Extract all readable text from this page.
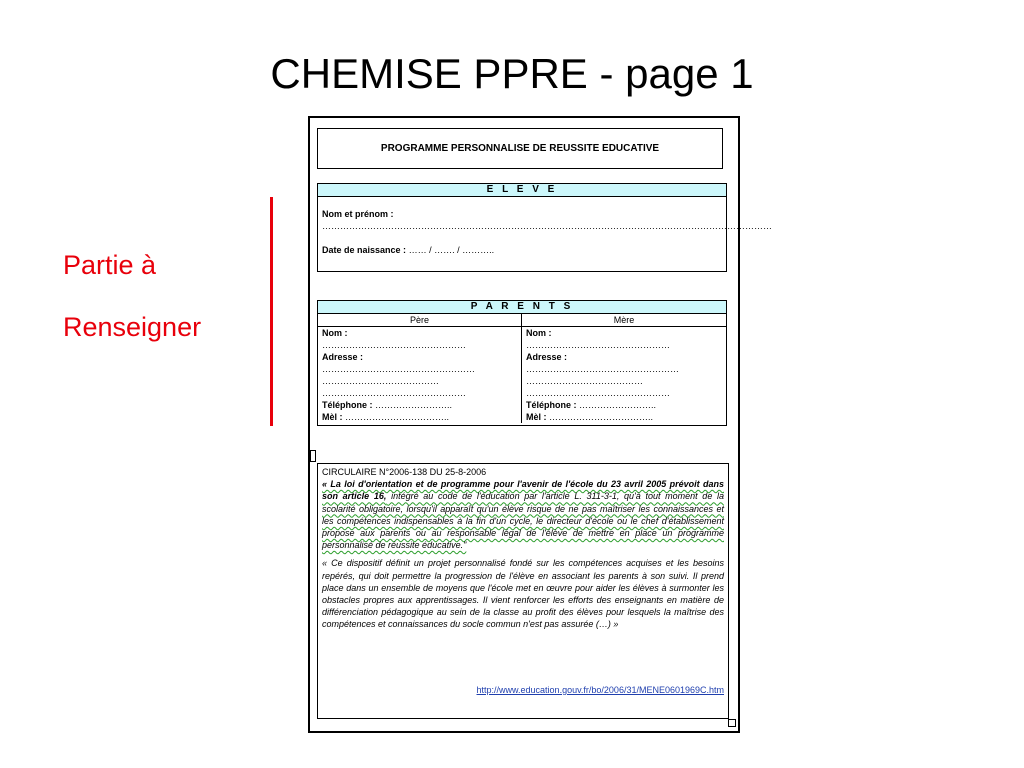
CHEMISE PPRE - page 1
Partie à
Renseigner
PROGRAMME PERSONNALISE DE REUSSITE EDUCATIVE
E L E V E
Nom et prénom :
……………………………………………………………………………………………………………………………………
Date de naissance : …… / ……. / ………..
P A R E N T S
Père
Nom :
…………………………………………
Adresse :
……………………………………………
…………………………………
…………………………………………
Téléphone : ……………………..
Mèl : ……………………………..
Mère
Nom :
…………………………………………
Adresse :
……………………………………………
…………………………………
…………………………………………
Téléphone : ……………………..
Mèl : ……………………………..
CIRCULAIRE N°2006-138 DU 25-8-2006

« La loi d'orientation et de programme pour l'avenir de l'école du 23 avril 2005 prévoit dans son article 16, intégré au code de l'éducation par l'article L. 311-3-1, qu'à tout moment de la scolarité obligatoire, lorsqu'il apparaît qu'un élève risque de ne pas maîtriser les connaissances et les compétences indispensables à la fin d'un cycle, le directeur d'école ou le chef d'établissement propose aux parents ou au responsable légal de l'élève de mettre en place un programme personnalisé de réussite éducative."

« Ce dispositif définit un projet personnalisé fondé sur les compétences acquises et les besoins repérés, qui doit permettre la progression de l'élève en associant les parents à son suivi. Il prend place dans un ensemble de moyens que l'école met en œuvre pour aider les élèves à surmonter les obstacles propres aux apprentissages. Il vient renforcer les efforts des enseignants en matière de différenciation pédagogique au sein de la classe au profit des élèves pour lesquels la maîtrise des compétences et connaissances du socle commun n'est pas assurée (…) »

http://www.education.gouv.fr/bo/2006/31/MENE0601969C.htm
